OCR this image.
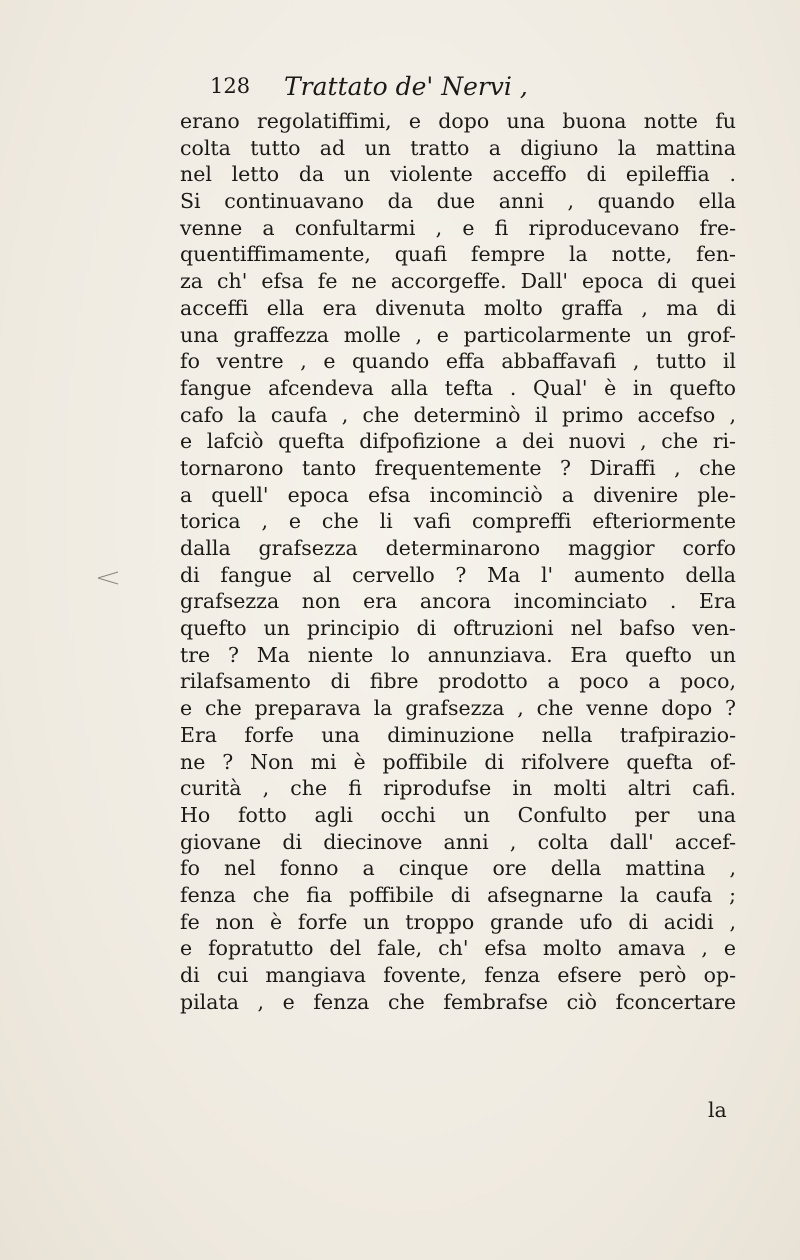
128 Trattato de' Nervi ,
erano regolatiffimi, e dopo una buona notte fu
colta tutto ad un tratto a digiuno la mattina
nel letto da un violente acceffo di epileffia .
Si continuavano da due anni , quando ella
venne a confultarmi , e fi riproducevano fre-
quentiffimamente, quafi fempre la notte, fen-
za ch' efsa fe ne accorgeffe. Dall' epoca di quei
acceffi ella era divenuta molto graffa , ma di
una graffezza molle , e particolarmente un grof-
fo ventre , e quando effa abbaffavafi , tutto il
fangue afcendeva alla tefta . Qual' è in quefto
cafo la caufa , che determinò il primo accefso ,
e lafciò quefta difpofizione a dei nuovi , che ri-
tornarono tanto frequentemente ? Diraffi , che
a quell' epoca efsa incominciò a divenire ple-
torica , e che li vafi compreffi efteriormente
dalla grafsezza determinarono maggior corfo
di fangue al cervello ? Ma l' aumento della
grafsezza non era ancora incominciato . Era
quefto un principio di oftruzioni nel bafso ven-
tre ? Ma niente lo annunziava. Era quefto un
rilafsamento di fibre prodotto a poco a poco,
e che preparava la grafsezza , che venne dopo ?
Era forfe una diminuzione nella trafpirazio-
ne ? Non mi è poffibile di rifolvere quefta of-
curità , che fi riprodufse in molti altri cafi.
Ho fotto agli occhi un Confulto per una
giovane di diecinove anni , colta dall' accef-
fo nel fonno a cinque ore della mattina ,
fenza che fia poffibile di afsegnarne la caufa ;
fe non è forfe un troppo grande ufo di acidi ,
e fopratutto del fale, ch' efsa molto amava , e
di cui mangiava fovente, fenza efsere però op-
pilata , e fenza che fembrafse ciò fconcertare
la
